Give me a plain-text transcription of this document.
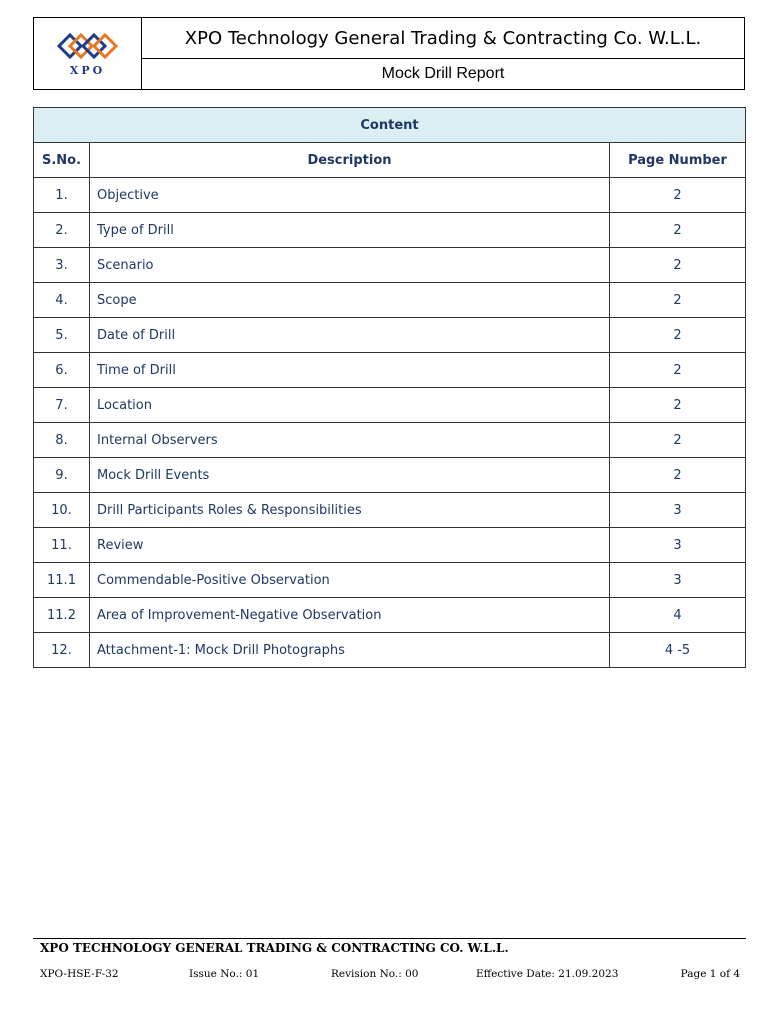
XPO
XPO Technology General Trading & Contracting Co. W.L.L.
Mock Drill Report
Content		
S.No.	Description	Page Number
1.	Objective	2
2.	Type of Drill	2
3.	Scenario	2
4.	Scope	2
5.	Date of Drill	2
6.	Time of Drill	2
7.	Location	2
8.	Internal Observers	2
9.	Mock Drill Events	2
10.	Drill Participants Roles & Responsibilities	3
11.	Review	3
11.1	Commendable-Positive Observation	3
11.2	Area of Improvement-Negative Observation	4
12.	Attachment-1: Mock Drill Photographs	4 -5
XPO TECHNOLOGY GENERAL TRADING & CONTRACTING CO. W.L.L.
XPO-HSE-F-32	Issue No.: 01	Revision No.: 00	Effective Date: 21.09.2023	Page 1 of 4
